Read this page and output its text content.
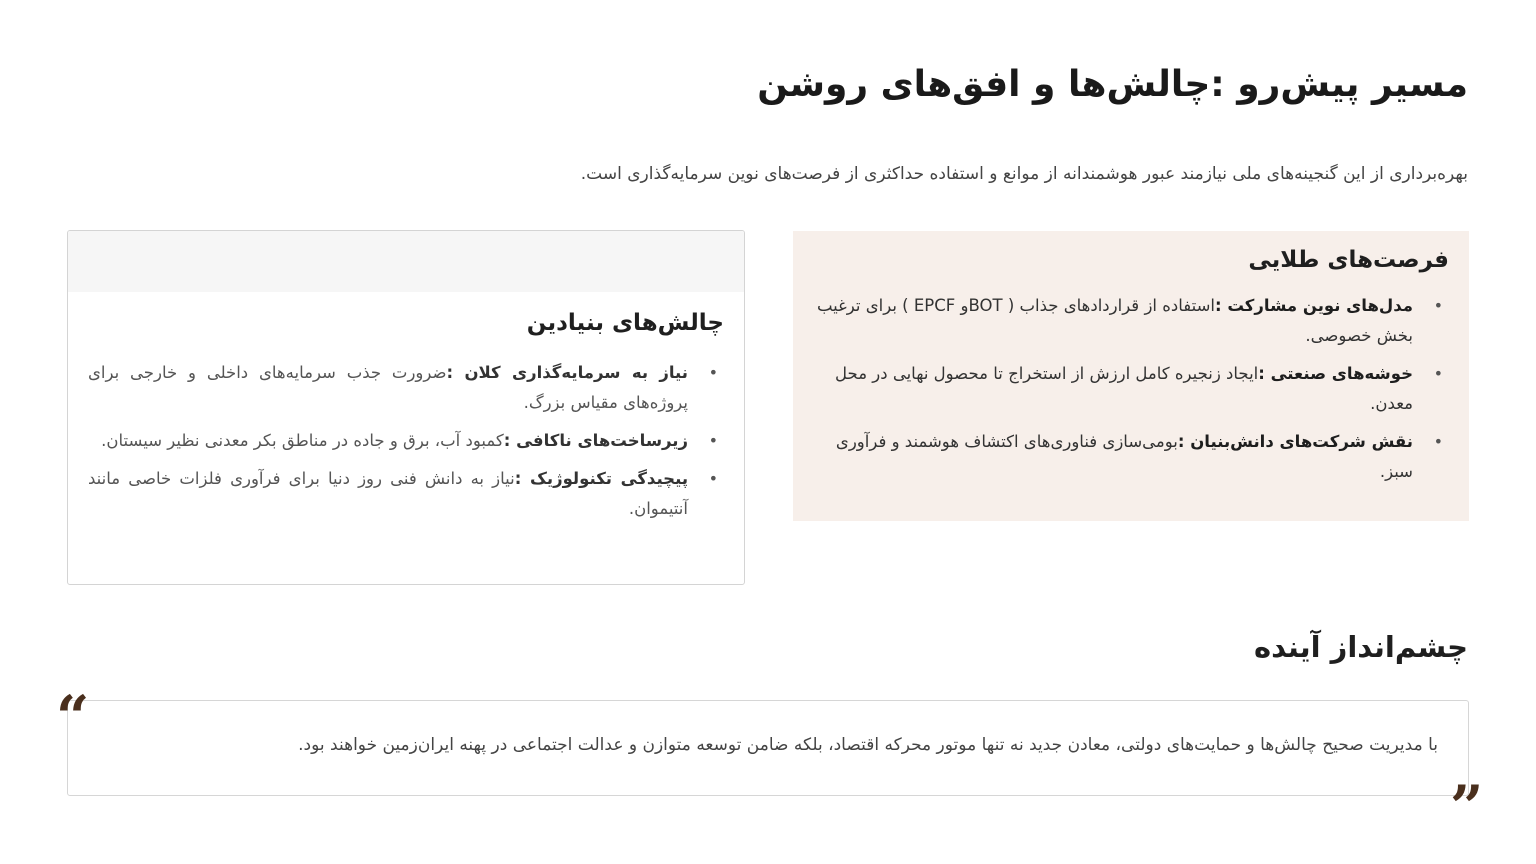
مسیر پیش‌رو :چالش‌ها و افق‌های روشن

بهره‌برداری از این گنجینه‌های ملی نیازمند عبور هوشمندانه از موانع و استفاده حداکثری از فرصت‌های نوین سرمایه‌گذاری است.

فرصت‌های طلایی
•
مدل‌های نوین مشارکت :استفاده از قراردادهای جذاب ( BOTو EPCF ) برای ترغیب بخش خصوصی.
•
خوشه‌های صنعتی :ایجاد زنجیره کامل ارزش از استخراج تا محصول نهایی در محل معدن.
•
نقش شرکت‌های دانش‌بنیان :بومی‌سازی فناوری‌های اکتشاف هوشمند و فرآوری سبز.
چالش‌های بنیادین
•
نیاز به سرمایه‌گذاری کلان :ضرورت جذب سرمایه‌های داخلی و خارجی برای پروژه‌های مقیاس بزرگ.
•
زیرساخت‌های ناکافی :کمبود آب، برق و جاده در مناطق بکر معدنی نظیر سیستان.
•
پیچیدگی تکنولوژیک :نیاز به دانش فنی روز دنیا برای فرآوری فلزات خاصی مانند آنتیموان.
چشم‌انداز آینده

با مدیریت صحیح چالش‌ها و حمایت‌های دولتی، معادن جدید نه تنها موتور محرکه اقتصاد، بلکه ضامن توسعه متوازن و عدالت اجتماعی در پهنه ایران‌زمین خواهند بود.

“
”
